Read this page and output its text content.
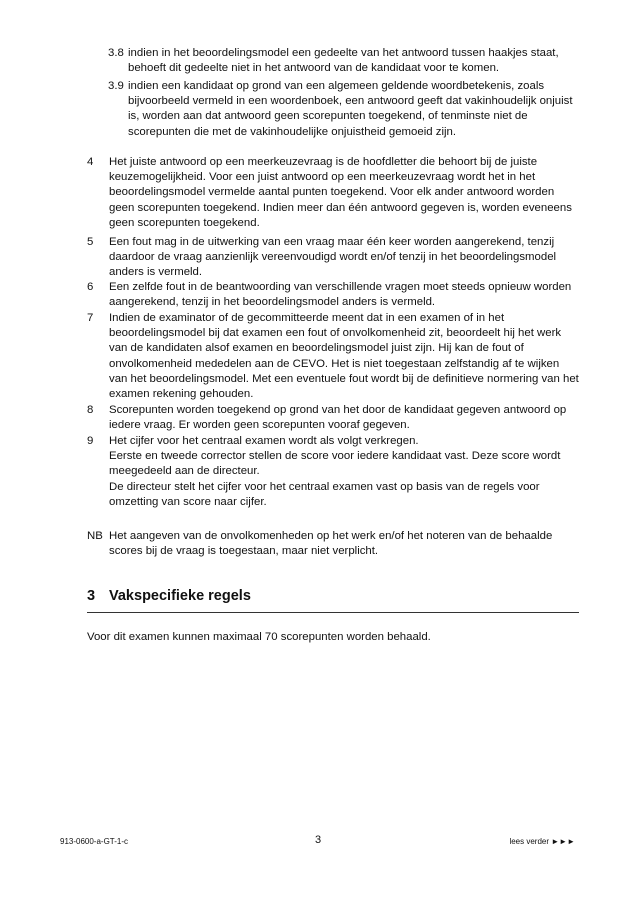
3.8 indien in het beoordelingsmodel een gedeelte van het antwoord tussen haakjes staat, behoeft dit gedeelte niet in het antwoord van de kandidaat voor te komen.
3.9 indien een kandidaat op grond van een algemeen geldende woordbetekenis, zoals bijvoorbeeld vermeld in een woordenboek, een antwoord geeft dat vakinhoudelijk onjuist is, worden aan dat antwoord geen scorepunten toegekend, of tenminste niet de scorepunten die met de vakinhoudelijke onjuistheid gemoeid zijn.
4 Het juiste antwoord op een meerkeuzevraag is de hoofdletter die behoort bij de juiste keuzemogelijkheid. Voor een juist antwoord op een meerkeuzevraag wordt het in het beoordelingsmodel vermelde aantal punten toegekend. Voor elk ander antwoord worden geen scorepunten toegekend. Indien meer dan één antwoord gegeven is, worden eveneens geen scorepunten toegekend.

5 Een fout mag in de uitwerking van een vraag maar één keer worden aangerekend, tenzij daardoor de vraag aanzienlijk vereenvoudigd wordt en/of tenzij in het beoordelingsmodel anders is vermeld.

6 Een zelfde fout in de beantwoording van verschillende vragen moet steeds opnieuw worden aangerekend, tenzij in het beoordelingsmodel anders is vermeld.

7 Indien de examinator of de gecommitteerde meent dat in een examen of in het beoordelingsmodel bij dat examen een fout of onvolkomenheid zit, beoordeelt hij het werk van de kandidaten alsof examen en beoordelingsmodel juist zijn. Hij kan de fout of onvolkomenheid mededelen aan de CEVO. Het is niet toegestaan zelfstandig af te wijken van het beoordelingsmodel. Met een eventuele fout wordt bij de definitieve normering van het examen rekening gehouden.

8 Scorepunten worden toegekend op grond van het door de kandidaat gegeven antwoord op iedere vraag. Er worden geen scorepunten vooraf gegeven.

9 Het cijfer voor het centraal examen wordt als volgt verkregen.

Eerste en tweede corrector stellen de score voor iedere kandidaat vast. Deze score wordt meegedeeld aan de directeur.

De directeur stelt het cijfer voor het centraal examen vast op basis van de regels voor omzetting van score naar cijfer.

NB Het aangeven van de onvolkomenheden op het werk en/of het noteren van de behaalde scores bij de vraag is toegestaan, maar niet verplicht.
3 Vakspecifieke regels
Voor dit examen kunnen maximaal 70 scorepunten worden behaald.
913-0600-a-GT-1-c	3	lees verder ►►►
